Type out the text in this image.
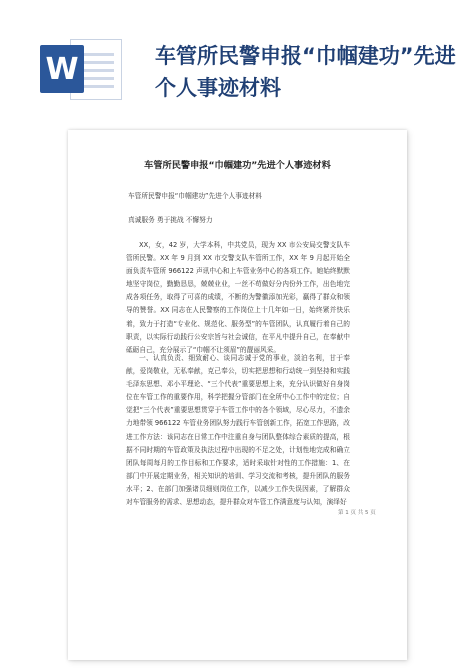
W	车管所民警申报“巾帼建功”先进个人事迹材料
车管所民警申报“巾帼建功”先进个人事迹材料
车管所民警申报“巾帼建功”先进个人事迹材料
真诚服务 勇于挑战 不懈努力

XX，女，42 岁，大学本科，中共党员，现为 XX 市公安局交警支队车管所民警。XX 年 9 月到 XX 市交警支队车管所工作，XX 年 9 月起开始全面负责车管所 966122 声讯中心和上车管业务中心的各项工作。她始终默默地坚守岗位，勤勤恳恳，兢兢业业，一丝不苟做好分内份外工作，出色地完成各项任务，取得了可喜的成绩，不断的为警徽添加光彩，赢得了群众和领导的赞誉。XX 同志在人民警察的工作岗位上十几年如一日，始终紧并快乐着，致力于打造“专业化、规范化、服务型”的车管团队，认真履行着自己的职责，以实际行动践行公安宗旨与社会诚信，在平凡中提升自己，在奉献中砥砺自己，充分展示了“巾帼不让须眉”的靓丽风采。

一、认真负责、细致耐心、谈同志诚于党的事业，淡泊名利，甘于奉献，爱岗敬业，无私奉献，克己奉公，切实把思想和行动统一到坚持和实践毛泽东思想、邓小平理论、“三个代表”重要思想上来，充分认识做好自身岗位在车管工作的重要作用，科学把握分管部门在全所中心工作中的定位；自觉把“三个代表”重要思想贯穿于车管工作中的各个领域，尽心尽力，不遗余力地带领 966122 车管业务团队努力践行车管创新工作，拓宽工作思路，改进工作方法：该同志在日常工作中注重自身与团队整体综合素质的提高，根据不同时期的车管政策及执法过程中出现的不足之处，计划性地完成和确立团队每周每月的工作目标和工作要求，适时采取针对性的工作措施：1、在部门中开展定期业务，相关知识的培训、学习交流和考核，提升团队的服务水平；2、在部门加强诸员细则岗位工作，以减少工作失误因素，了解群众对车管服务的需求、思想动态，提升群众对车管工作满意度与认知，演绎好

第 1 页 共 5 页
